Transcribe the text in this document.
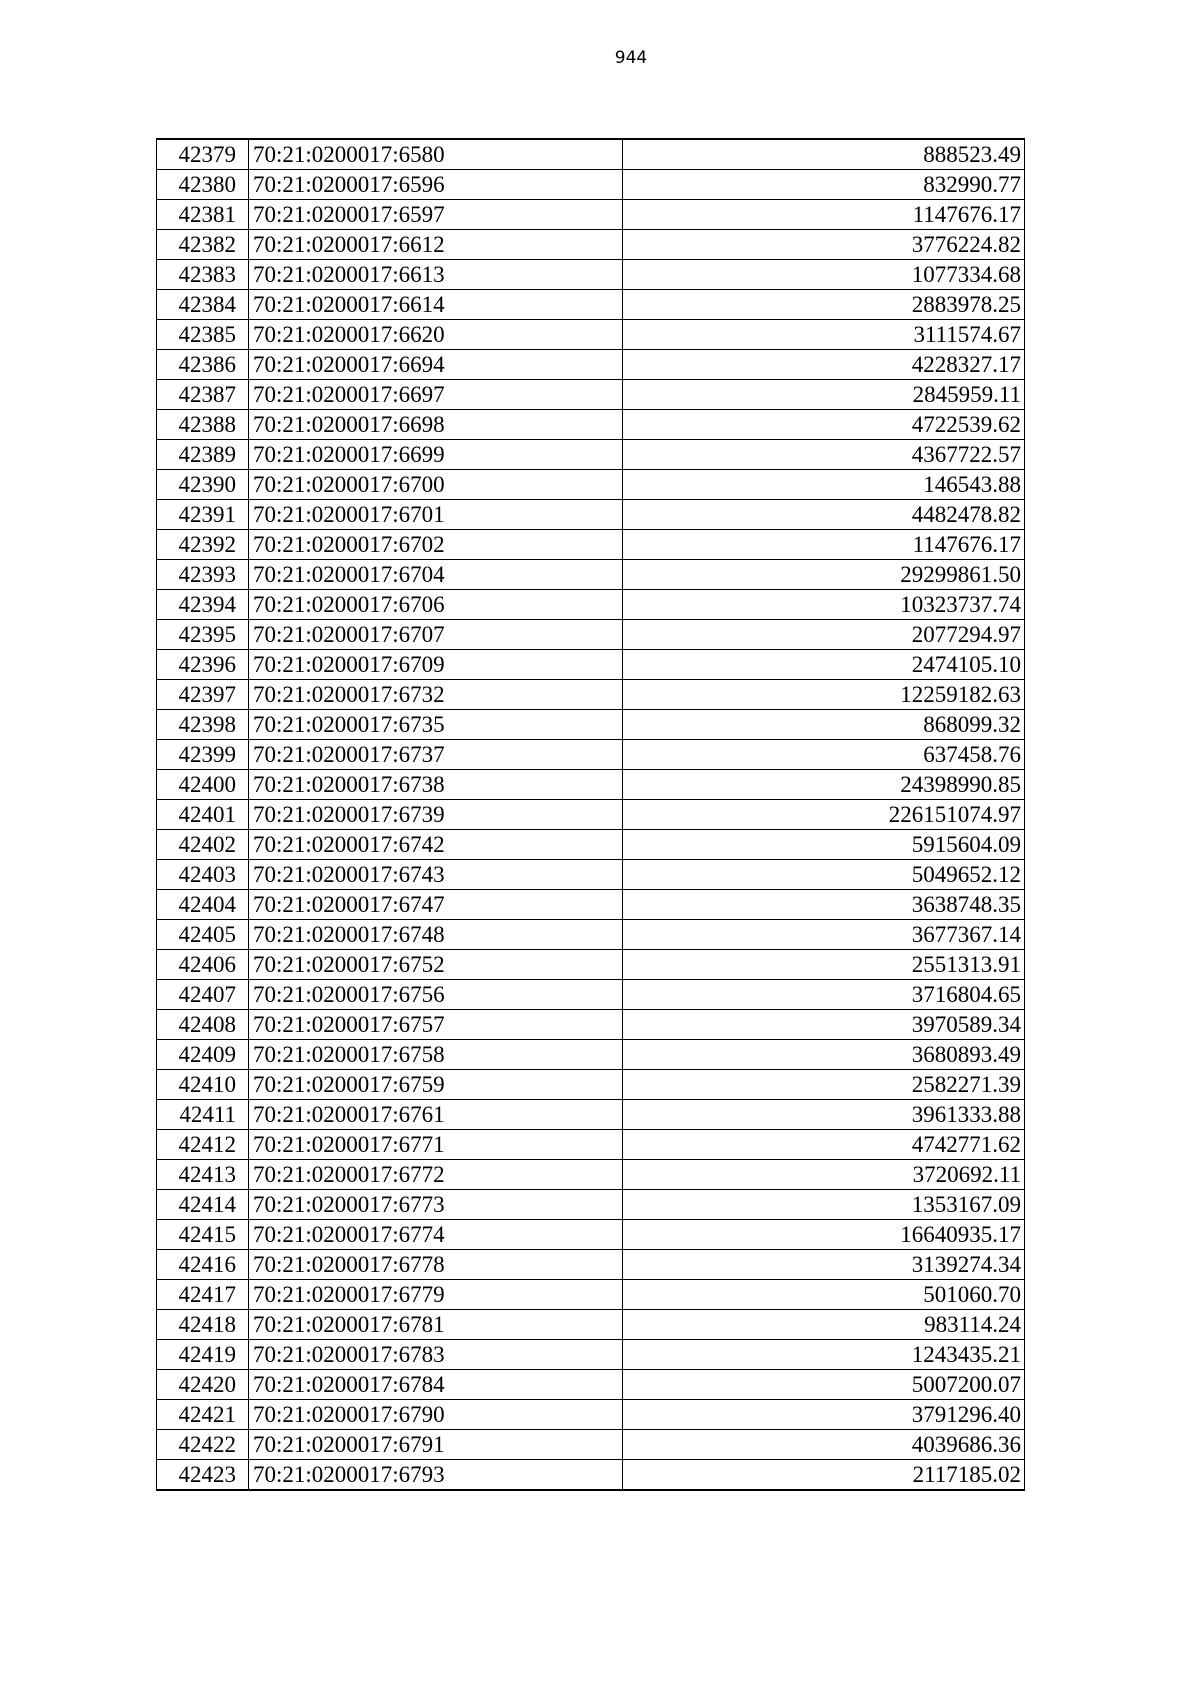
944
42379	70:21:0200017:6580	888523.49
42380	70:21:0200017:6596	832990.77
42381	70:21:0200017:6597	1147676.17
42382	70:21:0200017:6612	3776224.82
42383	70:21:0200017:6613	1077334.68
42384	70:21:0200017:6614	2883978.25
42385	70:21:0200017:6620	3111574.67
42386	70:21:0200017:6694	4228327.17
42387	70:21:0200017:6697	2845959.11
42388	70:21:0200017:6698	4722539.62
42389	70:21:0200017:6699	4367722.57
42390	70:21:0200017:6700	146543.88
42391	70:21:0200017:6701	4482478.82
42392	70:21:0200017:6702	1147676.17
42393	70:21:0200017:6704	29299861.50
42394	70:21:0200017:6706	10323737.74
42395	70:21:0200017:6707	2077294.97
42396	70:21:0200017:6709	2474105.10
42397	70:21:0200017:6732	12259182.63
42398	70:21:0200017:6735	868099.32
42399	70:21:0200017:6737	637458.76
42400	70:21:0200017:6738	24398990.85
42401	70:21:0200017:6739	226151074.97
42402	70:21:0200017:6742	5915604.09
42403	70:21:0200017:6743	5049652.12
42404	70:21:0200017:6747	3638748.35
42405	70:21:0200017:6748	3677367.14
42406	70:21:0200017:6752	2551313.91
42407	70:21:0200017:6756	3716804.65
42408	70:21:0200017:6757	3970589.34
42409	70:21:0200017:6758	3680893.49
42410	70:21:0200017:6759	2582271.39
42411	70:21:0200017:6761	3961333.88
42412	70:21:0200017:6771	4742771.62
42413	70:21:0200017:6772	3720692.11
42414	70:21:0200017:6773	1353167.09
42415	70:21:0200017:6774	16640935.17
42416	70:21:0200017:6778	3139274.34
42417	70:21:0200017:6779	501060.70
42418	70:21:0200017:6781	983114.24
42419	70:21:0200017:6783	1243435.21
42420	70:21:0200017:6784	5007200.07
42421	70:21:0200017:6790	3791296.40
42422	70:21:0200017:6791	4039686.36
42423	70:21:0200017:6793	2117185.02
